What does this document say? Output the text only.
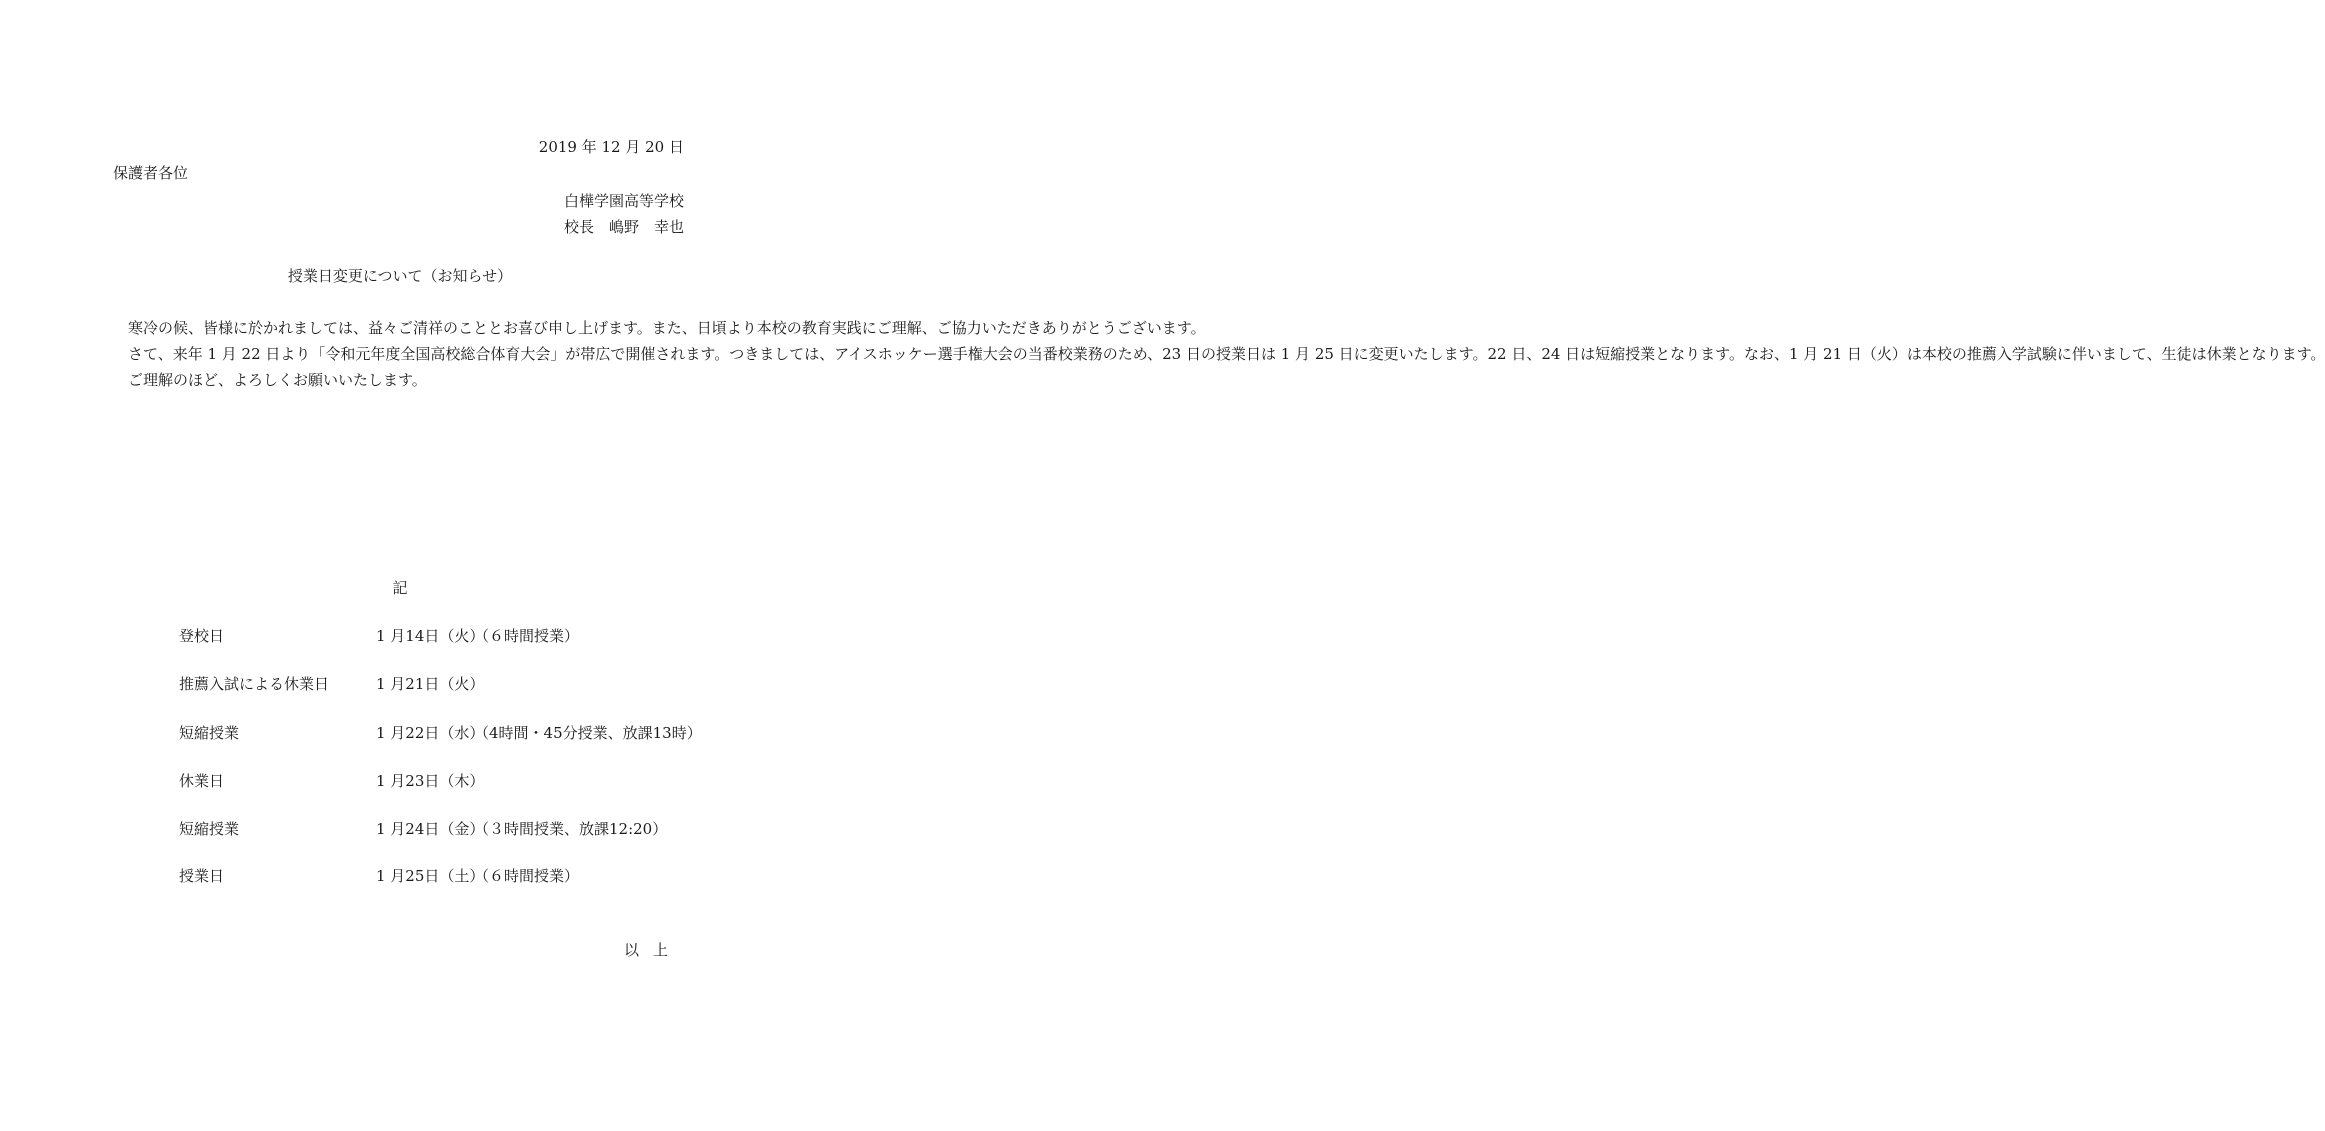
2019 年 12 月 20 日
保護者各位
白樺学園高等学校
校長　嶋野　幸也
授業日変更について（お知らせ）

寒冷の候、皆様に於かれましては、益々ご清祥のこととお喜び申し上げます。また、日頃より本校の教育実践にご理解、ご協力いただきありがとうございます。

さて、来年 1 月 22 日より「令和元年度全国高校総合体育大会」が帯広で開催されます。つきましては、アイスホッケー選手権大会の当番校業務のため、23 日の授業日は 1 月 25 日に変更いたします。22 日、24 日は短縮授業となります。なお、1 月 21 日（火）は本校の推薦入学試験に伴いまして、生徒は休業となります。

ご理解のほど、よろしくお願いいたします。

記
登校日	1 月14日（火）
（６時間授業）
推薦入試による休業日	1 月21日（火）
短縮授業	1 月22日（水）
（4時間・45分授業、放課13時）
休業日	1 月23日（木）
短縮授業	1 月24日（金）
（３時間授業、放課12:20）
授業日	1 月25日（土）
（６時間授業）
以上
